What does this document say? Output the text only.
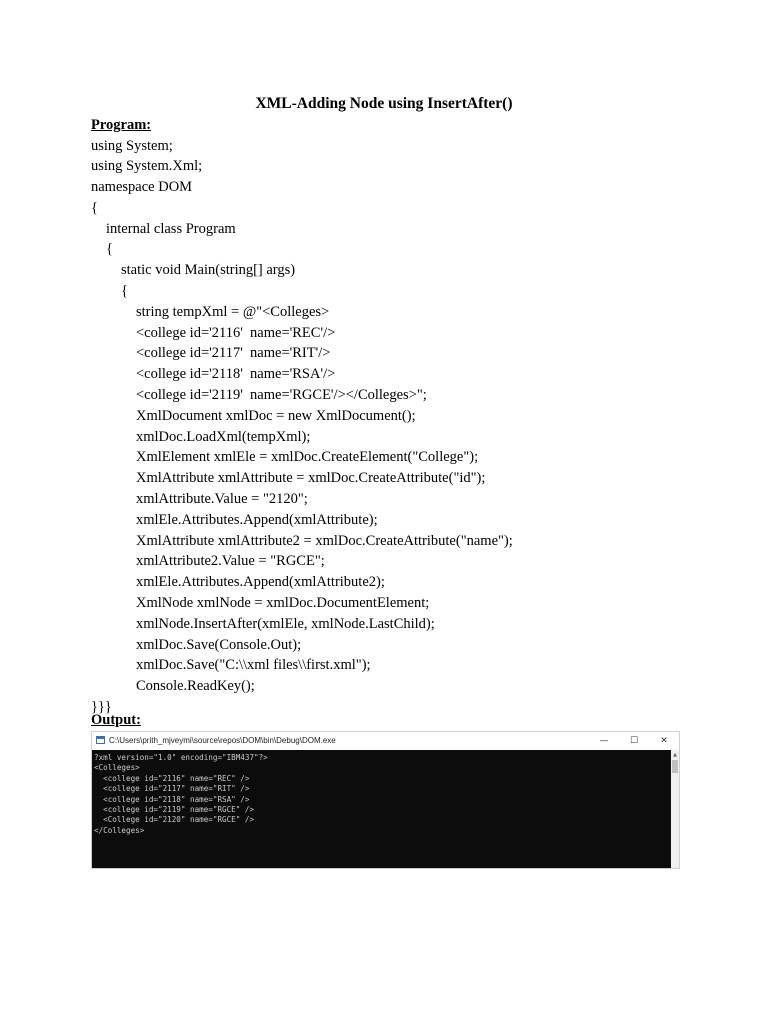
XML-Adding Node using InsertAfter()
Program:
using System;
using System.Xml;
namespace DOM
{
internal class Program
{
static void Main(string[] args)
{
string tempXml = @"<Colleges>
<college id='2116'  name='REC'/>
<college id='2117'  name='RIT'/>
<college id='2118'  name='RSA'/>
<college id='2119'  name='RGCE'/></Colleges>";
XmlDocument xmlDoc = new XmlDocument();
xmlDoc.LoadXml(tempXml);
XmlElement xmlEle = xmlDoc.CreateElement("College");
XmlAttribute xmlAttribute = xmlDoc.CreateAttribute("id");
xmlAttribute.Value = "2120";
xmlEle.Attributes.Append(xmlAttribute);
XmlAttribute xmlAttribute2 = xmlDoc.CreateAttribute("name");
xmlAttribute2.Value = "RGCE";
xmlEle.Attributes.Append(xmlAttribute2);
XmlNode xmlNode = xmlDoc.DocumentElement;
xmlNode.InsertAfter(xmlEle, xmlNode.LastChild);
xmlDoc.Save(Console.Out);
xmlDoc.Save("C:\\xml files\\first.xml");
Console.ReadKey();
}}}
Output:
C:\Users\prith_mjveymi\source\repos\DOM\bin\Debug\DOM.exe	—	☐	✕
?xml version="1.0" encoding="IBM437"?>
<Colleges>
<college id="2116" name="REC" />
<college id="2117" name="RIT" />
<college id="2118" name="RSA" />
<college id="2119" name="RGCE" />
<College id="2120" name="RGCE" />
</Colleges>
▲
